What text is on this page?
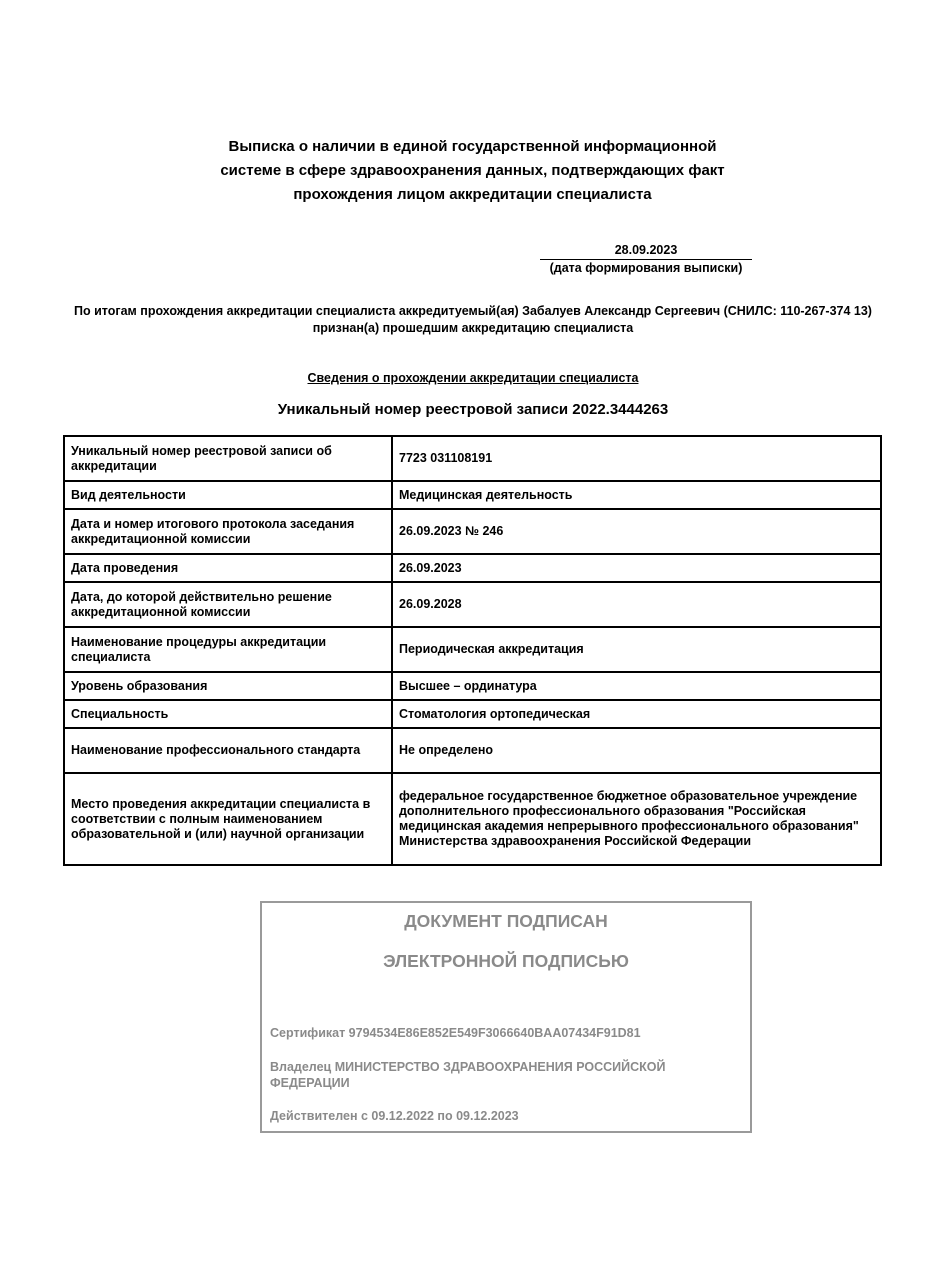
Выписка о наличии в единой государственной информационной
системе в сфере здравоохранения данных, подтверждающих факт
прохождения лицом аккредитации специалиста
28.09.2023
(дата формирования выписки)
По итогам прохождения аккредитации специалиста аккредитуемый(ая) Забалуев Александр Сергеевич (СНИЛС: 110-267-374 13) признан(а) прошедшим аккредитацию специалиста
Сведения о прохождении аккредитации специалиста
Уникальный номер реестровой записи 2022.3444263
Уникальный номер реестровой записи об аккредитации	7723 031108191
Вид деятельности	Медицинская деятельность
Дата и номер итогового протокола заседания аккредитационной комиссии	26.09.2023 № 246
Дата проведения	26.09.2023
Дата, до которой действительно решение аккредитационной комиссии	26.09.2028
Наименование процедуры аккредитации специалиста	Периодическая аккредитация
Уровень образования	Высшее – ординатура
Специальность	Стоматология ортопедическая
Наименование профессионального стандарта	Не определено
Место проведения аккредитации специалиста в соответствии с полным наименованием образовательной и (или) научной организации	федеральное государственное бюджетное образовательное учреждение дополнительного профессионального образования "Российская медицинская академия непрерывного профессионального образования" Министерства здравоохранения Российской Федерации
ДОКУМЕНТ ПОДПИСАН
ЭЛЕКТРОННОЙ ПОДПИСЬЮ
Сертификат 9794534E86E852E549F3066640BAA07434F91D81
Владелец МИНИСТЕРСТВО ЗДРАВООХРАНЕНИЯ РОССИЙСКОЙ ФЕДЕРАЦИИ
Действителен с 09.12.2022 по 09.12.2023
